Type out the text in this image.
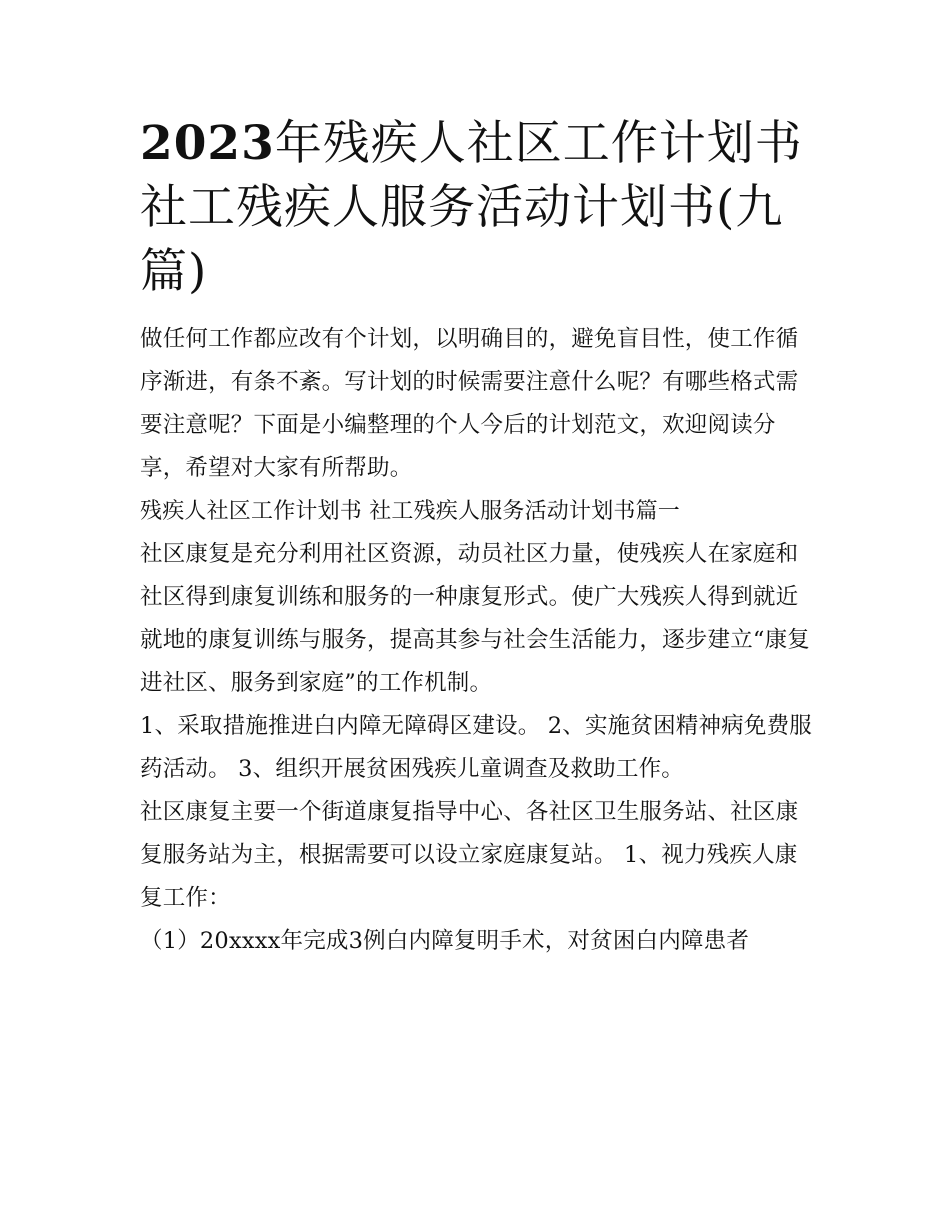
2023年残疾人社区工作计划书社工残疾人服务活动计划书(九篇)

做任何工作都应改有个计划，以明确目的，避免盲目性，使工作循序渐进，有条不紊。写计划的时候需要注意什么呢？有哪些格式需要注意呢？下面是小编整理的个人今后的计划范文，欢迎阅读分享，希望对大家有所帮助。

残疾人社区工作计划书 社工残疾人服务活动计划书篇一

社区康复是充分利用社区资源，动员社区力量，使残疾人在家庭和社区得到康复训练和服务的一种康复形式。使广大残疾人得到就近就地的康复训练与服务，提高其参与社会生活能力，逐步建立“康复进社区、服务到家庭”的工作机制。

1、采取措施推进白内障无障碍区建设。 2、实施贫困精神病免费服药活动。 3、组织开展贫困残疾儿童调查及救助工作。

社区康复主要一个街道康复指导中心、各社区卫生服务站、社区康复服务站为主，根据需要可以设立家庭康复站。 1、视力残疾人康复工作：

（1）20xxxx年完成3例白内障复明手术，对贫困白内障患者
